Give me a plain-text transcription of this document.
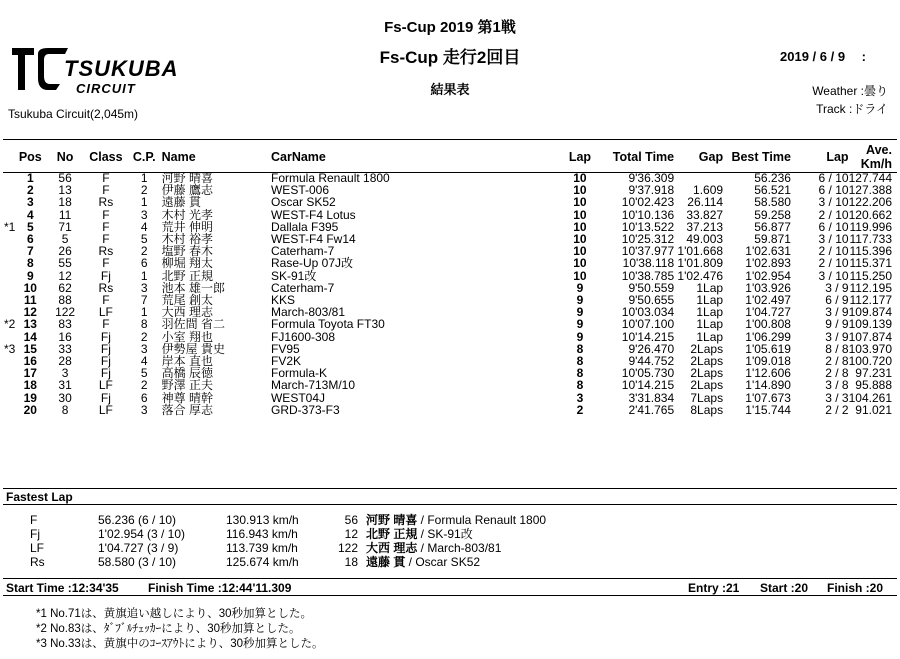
Fs-Cup 2019 第1戦
Fs-Cup 走行2回目
結果表
2019 / 6 / 9　 :
Weather :曇り
Track :ドライ
TSUKUBA
CIRCUIT
Tsukuba Circuit(2,045m)
	Pos	No	Class	C.P.	Name	CarName	Lap	Total Time	Gap	Best Time	Lap	Ave.
Km/h
	1	56	F	1	河野 晴喜	Formula Renault 1800	10	9'36.309		56.236	6 / 10	127.744
	2	13	F	2	伊藤 鷹志	WEST-006	10	9'37.918	1.609	56.521	6 / 10	127.388
	3	18	Rs	1	遠藤 貫	Oscar SK52	10	10'02.423	26.114	58.580	3 / 10	122.206
	4	11	F	3	木村 光孝	WEST-F4 Lotus	10	10'10.136	33.827	59.258	2 / 10	120.662
*1	5	71	F	4	荒井 伸明	Dallala F395	10	10'13.522	37.213	56.877	6 / 10	119.996
	6	5	F	5	木村 裕孝	WEST-F4 Fw14	10	10'25.312	49.003	59.871	3 / 10	117.733
	7	26	Rs	2	塩野 春木	Caterham-7	10	10'37.977	1'01.668	1'02.631	2 / 10	115.396
	8	55	F	6	柳堀 翔太	Rase-Up 07J改	10	10'38.118	1'01.809	1'02.893	2 / 10	115.371
	9	12	Fj	1	北野 正規	SK-91改	10	10'38.785	1'02.476	1'02.954	3 / 10	115.250
	10	62	Rs	3	池本 雄一郎	Caterham-7	9	9'50.559	1Lap	1'03.926	3 / 9	112.195
	11	88	F	7	荒尾 創太	KKS	9	9'50.655	1Lap	1'02.497	6 / 9	112.177
	12	122	LF	1	大西 理志	March-803/81	9	10'03.034	1Lap	1'04.727	3 / 9	109.874
*2	13	83	F	8	羽佐間 省二	Formula Toyota FT30	9	10'07.100	1Lap	1'00.808	9 / 9	109.139
	14	16	Fj	2	小室 翔也	FJ1600-308	9	10'14.215	1Lap	1'06.299	3 / 9	107.874
*3	15	33	Fj	3	伊勢屋 貴史	FV95	8	9'26.470	2Laps	1'05.619	8 / 8	103.970
	16	28	Fj	4	岸本 直也	FV2K	8	9'44.752	2Laps	1'09.018	2 / 8	100.720
	17	3	Fj	5	高橋 辰徳	Formula-K	8	10'05.730	2Laps	1'12.606	2 / 8	97.231
	18	31	LF	2	野澤 正夫	March-713M/10	8	10'14.215	2Laps	1'14.890	3 / 8	95.888
	19	30	Fj	6	神尊 晴幹	WEST04J	3	3'31.834	7Laps	1'07.673	3 / 3	104.261
	20	8	LF	3	落合 厚志	GRD-373-F3	2	2'41.765	8Laps	1'15.744	2 / 2	91.021
Fastest Lap
F	56.236 (6 / 10)	130.913 km/h	56	河野 晴喜 / Formula Renault 1800
Fj	1'02.954 (3 / 10)	116.943 km/h	12	北野 正規 / SK-91改
LF	1'04.727 (3 / 9)	113.739 km/h	122	大西 理志 / March-803/81
Rs	58.580 (3 / 10)	125.674 km/h	18	遠藤 貫 / Oscar SK52
Start Time :12:34'35 Finish Time :12:44'11.309	Entry :21 Start :20 Finish :20
*1 No.71は、黄旗追い越しにより、30秒加算とした。
*2 No.83は、ﾀﾞﾌﾞﾙﾁｪｯｶｰにより、30秒加算とした。
*3 No.33は、黄旗中のｺｰｽｱｳﾄにより、30秒加算とした。
